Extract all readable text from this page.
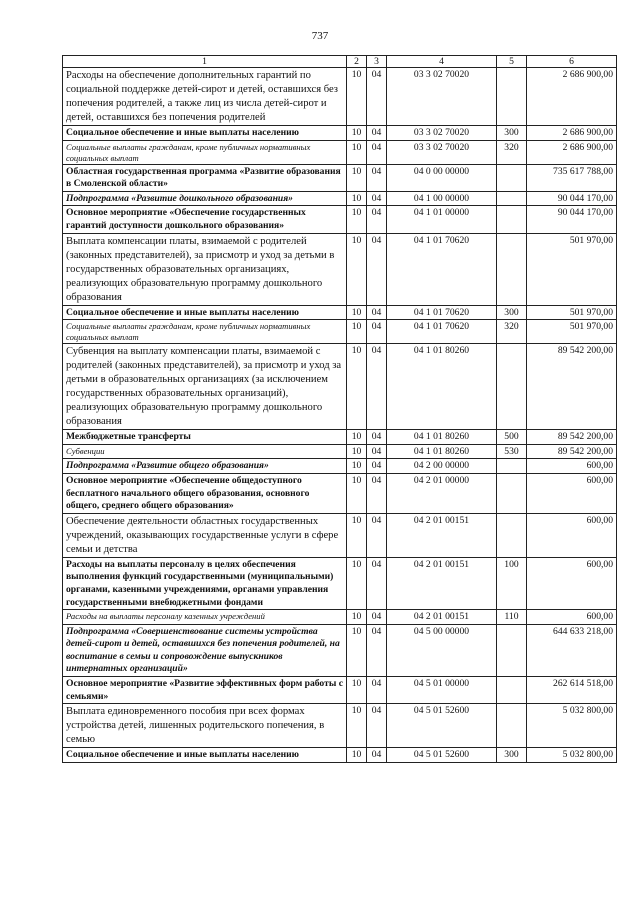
737
1	2	3	4	5	6
Расходы на обеспечение дополнительных гарантий по социальной поддержке детей-сирот и детей, оставшихся без попечения родителей, а также лиц из числа детей-сирот и детей, оставшихся без попечения родителей	10	04	03 3 02 70020		2 686 900,00
Социальное обеспечение и иные выплаты населению	10	04	03 3 02 70020	300	2 686 900,00
Социальные выплаты гражданам, кроме публичных нормативных социальных выплат	10	04	03 3 02 70020	320	2 686 900,00
Областная государственная программа «Развитие образования в Смоленской области»	10	04	04 0 00 00000		735 617 788,00
Подпрограмма «Развитие дошкольного образования»	10	04	04 1 00 00000		90 044 170,00
Основное мероприятие «Обеспечение государственных гарантий доступности дошкольного образования»	10	04	04 1 01 00000		90 044 170,00
Выплата компенсации платы, взимаемой с родителей (законных представителей), за присмотр и уход за детьми в государственных образовательных организациях, реализующих образовательную программу дошкольного образования	10	04	04 1 01 70620		501 970,00
Социальное обеспечение и иные выплаты населению	10	04	04 1 01 70620	300	501 970,00
Социальные выплаты гражданам, кроме публичных нормативных социальных выплат	10	04	04 1 01 70620	320	501 970,00
Субвенция на выплату компенсации платы, взимаемой с родителей (законных представителей), за присмотр и уход за детьми в образовательных организациях (за исключением государственных образовательных организаций), реализующих образовательную программу дошкольного образования	10	04	04 1 01 80260		89 542 200,00
Межбюджетные трансферты	10	04	04 1 01 80260	500	89 542 200,00
Субвенции	10	04	04 1 01 80260	530	89 542 200,00
Подпрограмма «Развитие общего образования»	10	04	04 2 00 00000		600,00
Основное мероприятие «Обеспечение общедоступного бесплатного начального общего образования, основного общего, среднего общего образования»	10	04	04 2 01 00000		600,00
Обеспечение деятельности областных государственных учреждений, оказывающих государственные услуги в сфере семьи и детства	10	04	04 2 01 00151		600,00
Расходы на выплаты персоналу в целях обеспечения выполнения функций государственными (муниципальными) органами, казенными учреждениями, органами управления государственными внебюджетными фондами	10	04	04 2 01 00151	100	600,00
Расходы на выплаты персоналу казенных учреждений	10	04	04 2 01 00151	110	600,00
Подпрограмма «Совершенствование системы устройства детей-сирот и детей, оставшихся без попечения родителей, на воспитание в семьи и сопровождение выпускников интернатных организаций»	10	04	04 5 00 00000		644 633 218,00
Основное мероприятие «Развитие эффективных форм работы с семьями»	10	04	04 5 01 00000		262 614 518,00
Выплата единовременного пособия при всех формах устройства детей, лишенных родительского попечения, в семью	10	04	04 5 01 52600		5 032 800,00
Социальное обеспечение и иные выплаты населению	10	04	04 5 01 52600	300	5 032 800,00
